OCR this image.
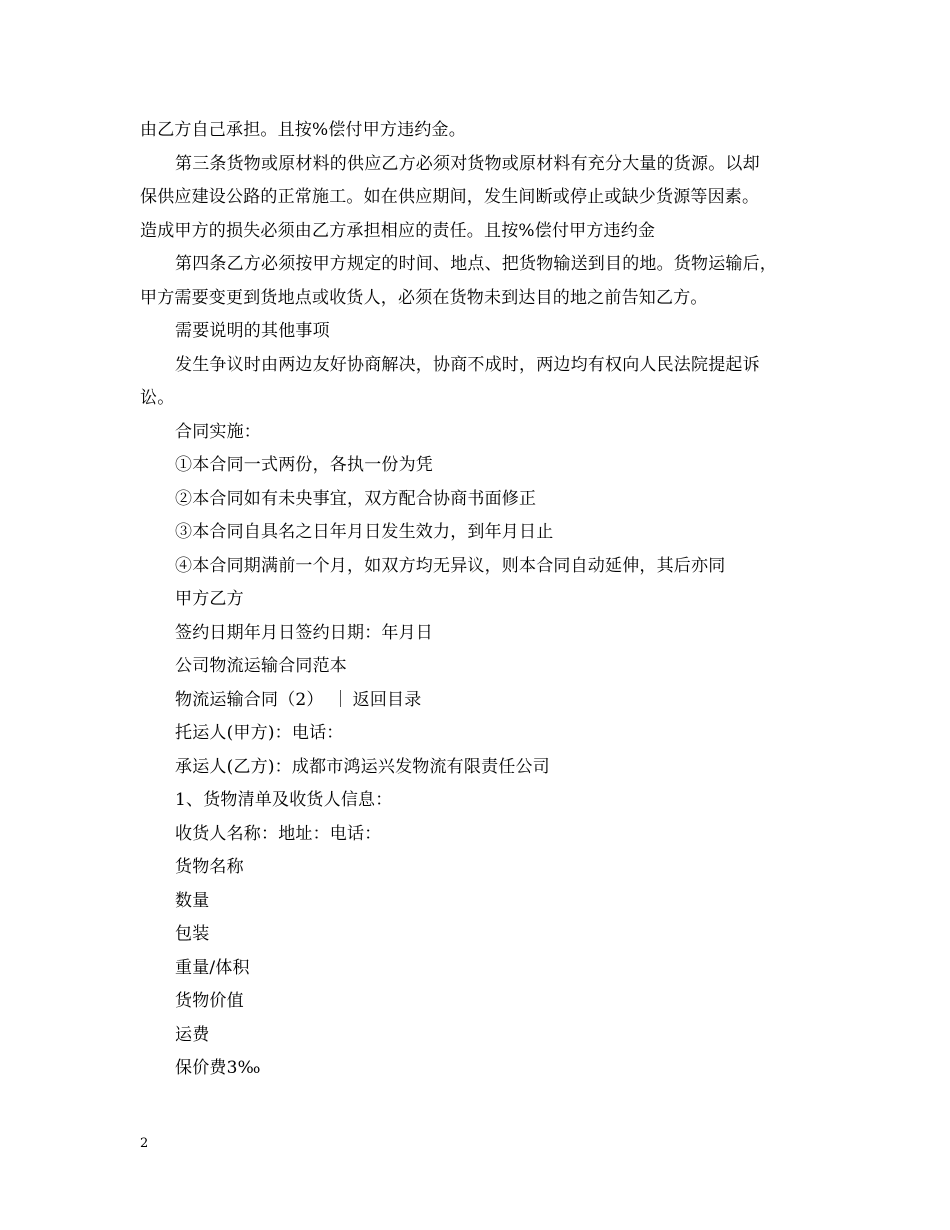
由乙方自己承担。且按%偿付甲方违约金。
第三条货物或原材料的供应乙方必须对货物或原材料有充分大量的货源。以却
保供应建设公路的正常施工。如在供应期间，发生间断或停止或缺少货源等因素。
造成甲方的损失必须由乙方承担相应的责任。且按%偿付甲方违约金
第四条乙方必须按甲方规定的时间、地点、把货物输送到目的地。货物运输后，
甲方需要变更到货地点或收货人，必须在货物未到达目的地之前告知乙方。
需要说明的其他事项
发生争议时由两边友好协商解决，协商不成时，两边均有权向人民法院提起诉
讼。
合同实施：
①本合同一式两份，各执一份为凭
②本合同如有未央事宜，双方配合协商书面修正
③本合同自具名之日年月日发生效力，到年月日止
④本合同期满前一个月，如双方均无异议，则本合同自动延伸，其后亦同
甲方乙方
签约日期年月日签约日期：年月日
公司物流运输合同范本
物流运输合同（2） 返回目录
托运人(甲方)：电话：
承运人(乙方)：成都市鸿运兴发物流有限责任公司
1、货物清单及收货人信息：
收货人名称：地址：电话：
货物名称
数量
包装
重量/体积
货物价值
运费
保价费3‰
2
